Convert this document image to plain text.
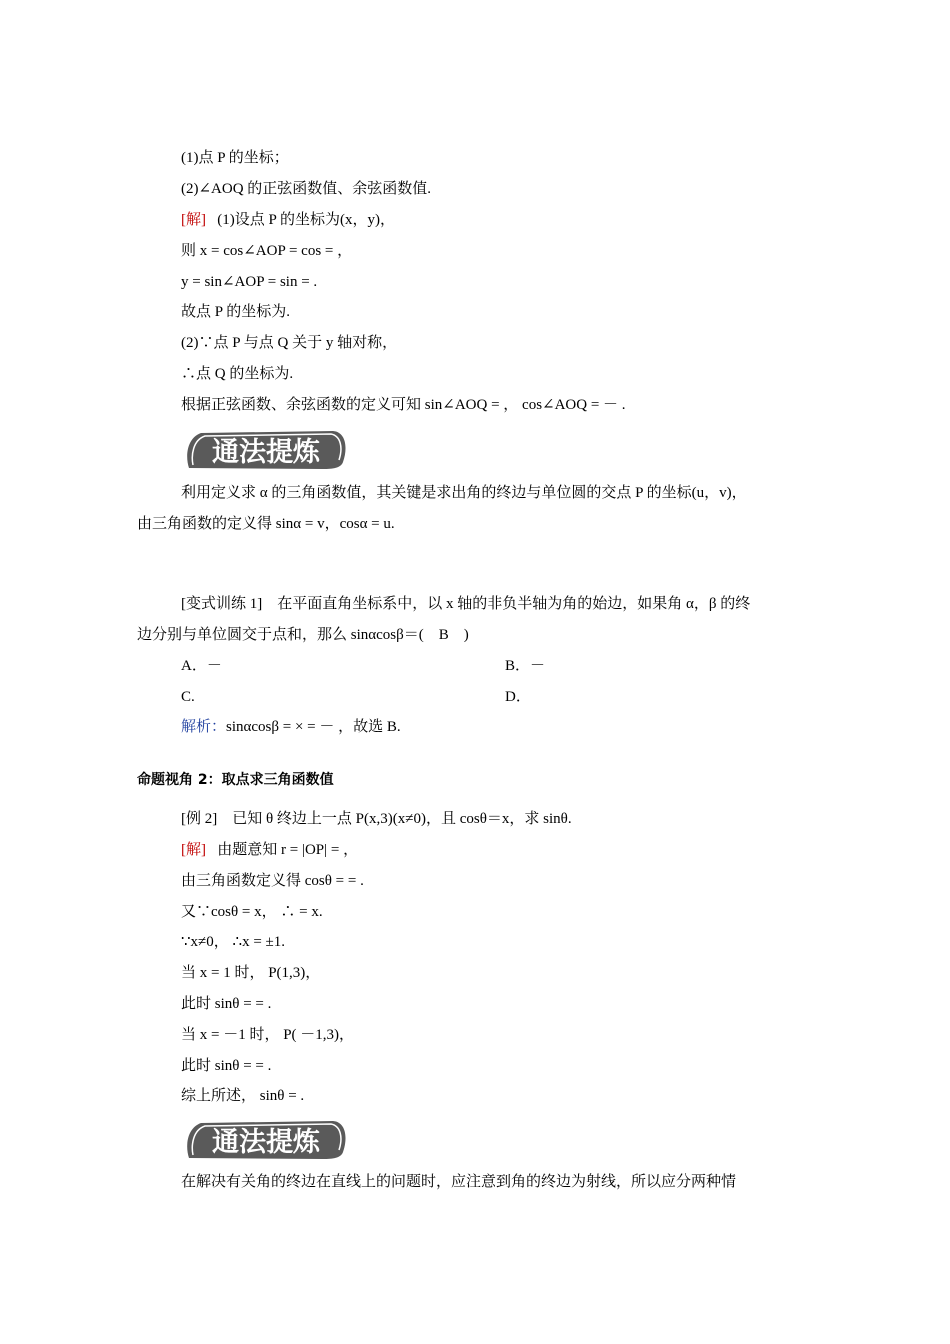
(1)点 P 的坐标；
(2)∠AOQ 的正弦函数值、余弦函数值.
[解] (1)设点 P 的坐标为(x，y)，
则 x = cos∠AOP = cos = ，
y = sin∠AOP = sin = .
故点 P 的坐标为.
(2)∵点 P 与点 Q 关于 y 轴对称，
∴点 Q 的坐标为.
根据正弦函数、余弦函数的定义可知 sin∠AOQ = ， cos∠AOQ = － .
通法提炼
利用定义求 α 的三角函数值，其关键是求出角的终边与单位圆的交点 P 的坐标(u，v)，
由三角函数的定义得 sinα = v，cosα = u.
[变式训练 1]　在平面直角坐标系中，以 x 轴的非负半轴为角的始边，如果角 α，β 的终
边分别与单位圆交于点和，那么 sinαcosβ＝(　B　)
A．－	B．－
C.	D．
解析：sinαcosβ = × = － ，故选 B.
命题视角 2：取点求三角函数值
[例 2]　已知 θ 终边上一点 P(x,3)(x≠0)，且 cosθ＝x，求 sinθ.
[解] 由题意知 r = |OP| = ，
由三角函数定义得 cosθ = = .
又∵cosθ = x， ∴ = x.
∵x≠0， ∴x = ±1.
当 x = 1 时， P(1,3)，
此时 sinθ = = .
当 x = －1 时， P( －1,3)，
此时 sinθ = = .
综上所述， sinθ = .
通法提炼
在解决有关角的终边在直线上的问题时，应注意到角的终边为射线，所以应分两种情
